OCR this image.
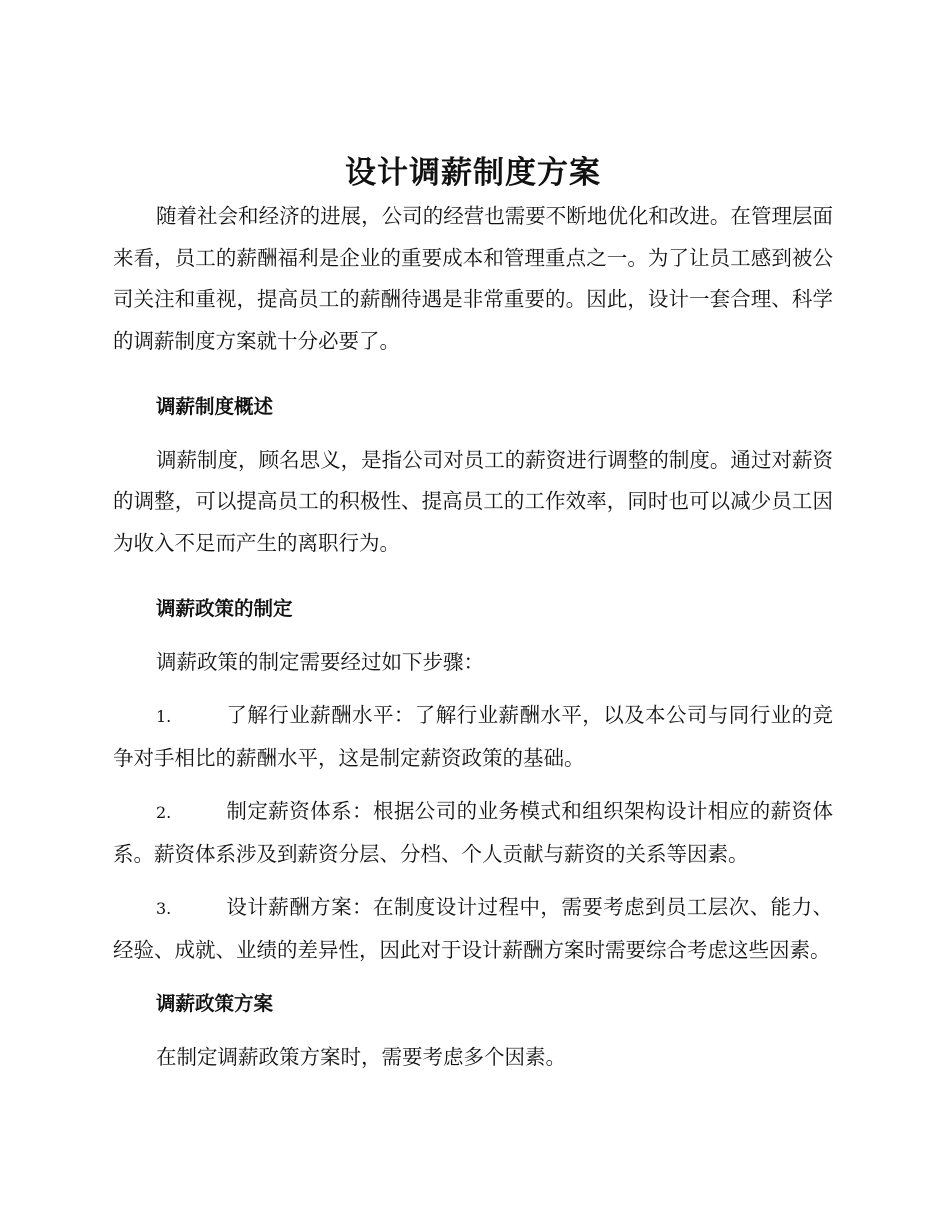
设计调薪制度方案

随着社会和经济的进展，公司的经营也需要不断地优化和改进。在管理层面来看，员工的薪酬福利是企业的重要成本和管理重点之一。为了让员工感到被公司关注和重视，提高员工的薪酬待遇是非常重要的。因此，设计一套合理、科学的调薪制度方案就十分必要了。

调薪制度概述

调薪制度，顾名思义，是指公司对员工的薪资进行调整的制度。通过对薪资的调整，可以提高员工的积极性、提高员工的工作效率，同时也可以减少员工因为收入不足而产生的离职行为。

调薪政策的制定

调薪政策的制定需要经过如下步骤：

1.	了解行业薪酬水平：了解行业薪酬水平，以及本公司与同行业的竞争对手相比的薪酬水平，这是制定薪资政策的基础。
2.	制定薪资体系：根据公司的业务模式和组织架构设计相应的薪资体系。薪资体系涉及到薪资分层、分档、个人贡献与薪资的关系等因素。
3.	设计薪酬方案：在制度设计过程中，需要考虑到员工层次、能力、经验、成就、业绩的差异性，因此对于设计薪酬方案时需要综合考虑这些因素。
调薪政策方案

在制定调薪政策方案时，需要考虑多个因素。
